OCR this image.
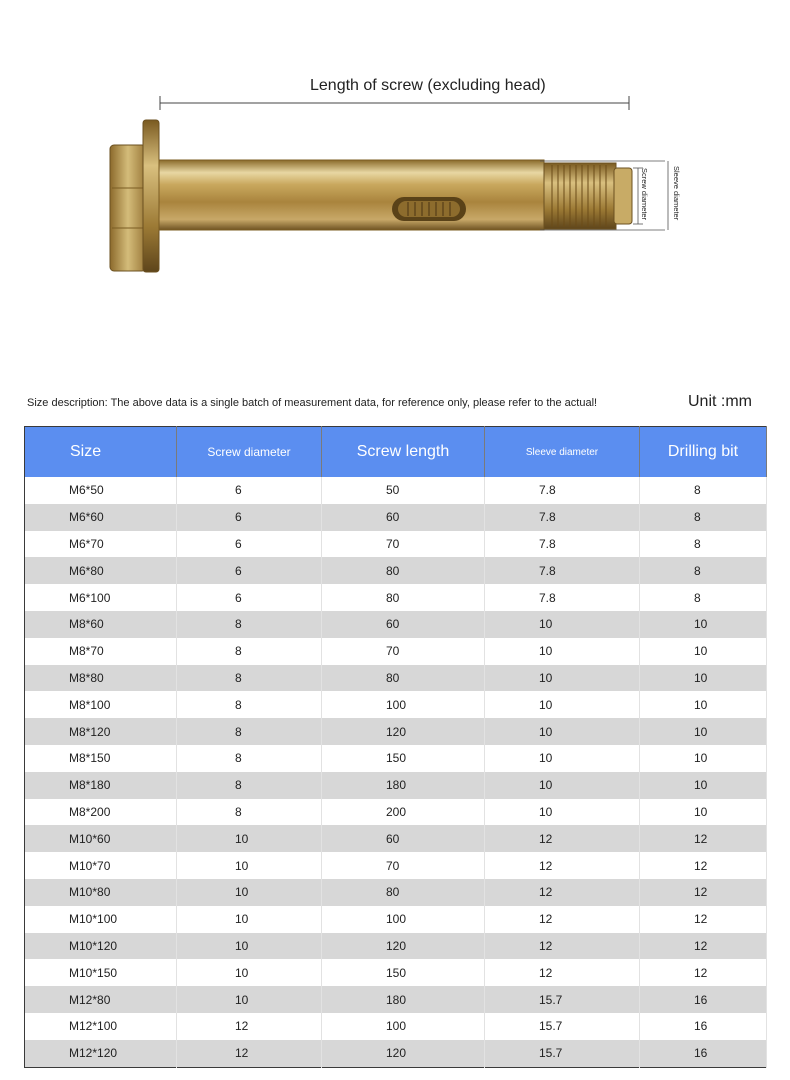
Length of screw (excluding head)
Screw diameter	Sleeve diameter
Size description: The above data is a single batch of measurement data, for reference only, please refer to the actual!	Unit :mm
Size	Screw diameter	Screw length	Sleeve diameter	Drilling bit
M6*50	6	50	7.8	8
M6*60	6	60	7.8	8
M6*70	6	70	7.8	8
M6*80	6	80	7.8	8
M6*100	6	80	7.8	8
M8*60	8	60	10	10
M8*70	8	70	10	10
M8*80	8	80	10	10
M8*100	8	100	10	10
M8*120	8	120	10	10
M8*150	8	150	10	10
M8*180	8	180	10	10
M8*200	8	200	10	10
M10*60	10	60	12	12
M10*70	10	70	12	12
M10*80	10	80	12	12
M10*100	10	100	12	12
M10*120	10	120	12	12
M10*150	10	150	12	12
M12*80	10	180	15.7	16
M12*100	12	100	15.7	16
M12*120	12	120	15.7	16
